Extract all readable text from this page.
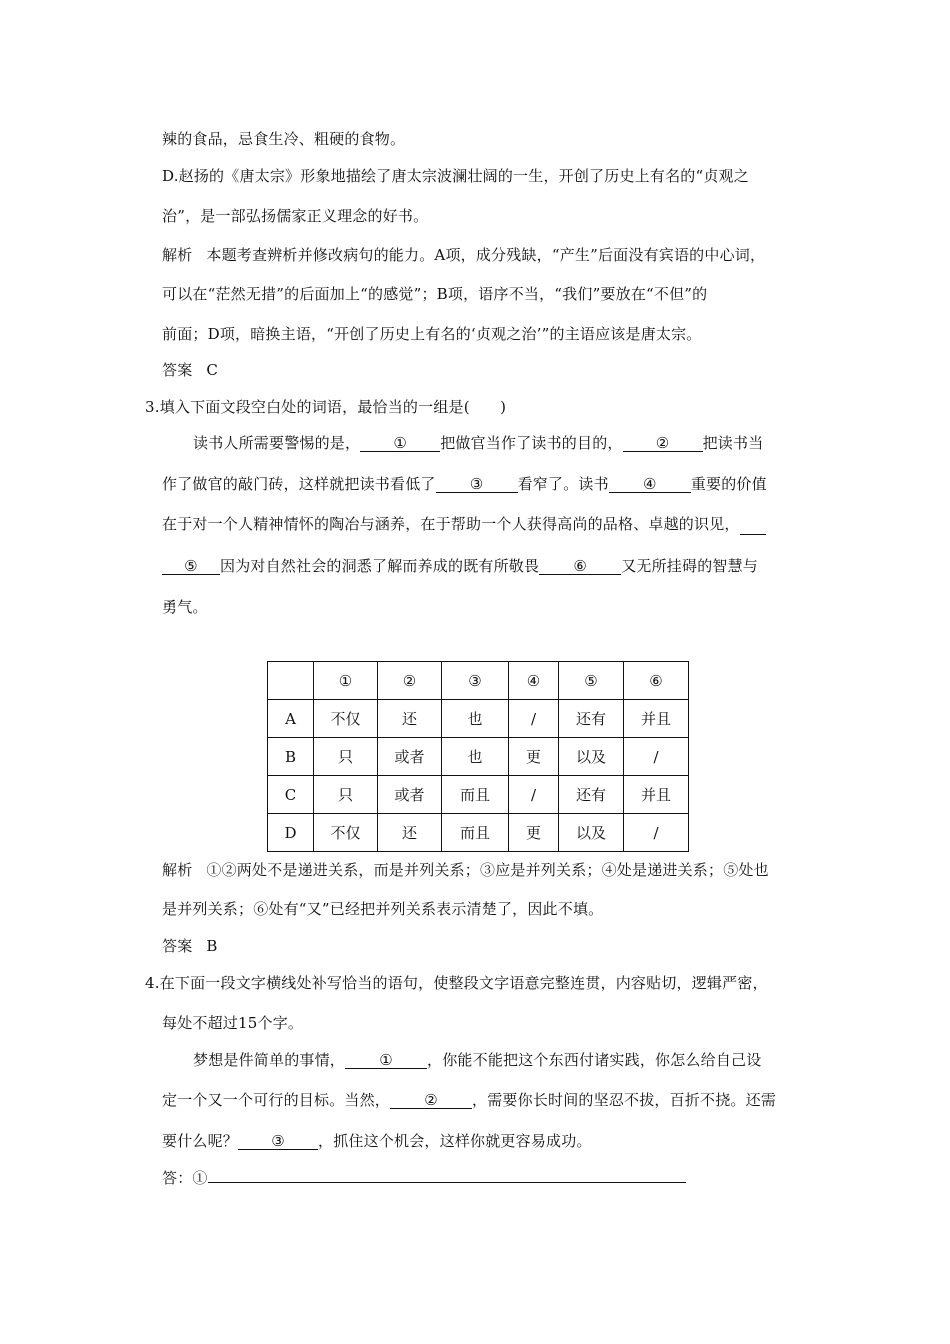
辣的食品，忌食生冷、粗硬的食物。
D.赵扬的《唐太宗》形象地描绘了唐太宗波澜壮阔的一生，开创了历史上有名的“贞观之
治”，是一部弘扬儒家正义理念的好书。
解析 本题考查辨析并修改病句的能力。A项，成分残缺，“产生”后面没有宾语的中心词，
可以在“茫然无措”的后面加上“的感觉”；B项，语序不当，“我们”要放在“不但”的
前面；D项，暗换主语，“开创了历史上有名的‘贞观之治’”的主语应该是唐太宗。
答案 C
3.填入下面文段空白处的词语，最恰当的一组是(　　)
读书人所需要警惕的是， ① 把做官当作了读书的目的， ② 把读书当
作了做官的敲门砖，这样就把读书看低了 ③ 看窄了。读书 ④ 重要的价值
在于对一个人精神情怀的陶冶与涵养，在于帮助一个人获得高尚的品格、卓越的识见，
⑤ 因为对自然社会的洞悉了解而养成的既有所敬畏 ⑥ 又无所挂碍的智慧与
勇气。
	①	②	③	④	⑤	⑥
A	不仅	还	也	/	还有	并且
B	只	或者	也	更	以及	/
C	只	或者	而且	/	还有	并且
D	不仅	还	而且	更	以及	/
解析 ①②两处不是递进关系，而是并列关系；③应是并列关系；④处是递进关系；⑤处也
是并列关系；⑥处有“又”已经把并列关系表示清楚了，因此不填。
答案 B
4.在下面一段文字横线处补写恰当的语句，使整段文字语意完整连贯，内容贴切，逻辑严密，
每处不超过15个字。
梦想是件简单的事情， ① ，你能不能把这个东西付诸实践，你怎么给自己设
定一个又一个可行的目标。当然， ② ，需要你长时间的坚忍不拔，百折不挠。还需
要什么呢？ ③ ，抓住这个机会，这样你就更容易成功。
答：①
